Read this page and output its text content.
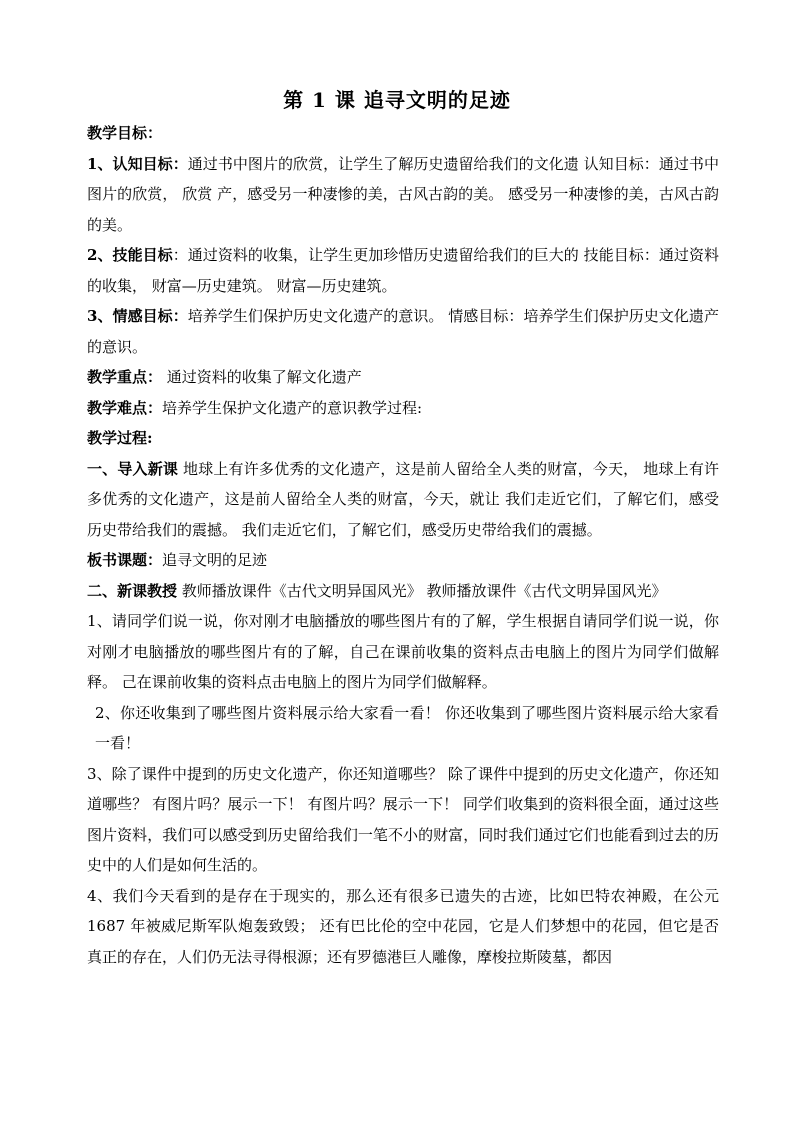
第 1 课 追寻文明的足迹

教学目标：

1、认知目标：通过书中图片的欣赏，让学生了解历史遗留给我们的文化遗 认知目标：通过书中图片的欣赏， 欣赏 产，感受另一种凄惨的美，古风古韵的美。 感受另一种凄惨的美，古风古韵的美。

2、技能目标：通过资料的收集，让学生更加珍惜历史遗留给我们的巨大的 技能目标：通过资料的收集， 财富—历史建筑。 财富—历史建筑。

3、情感目标：培养学生们保护历史文化遗产的意识。 情感目标：培养学生们保护历史文化遗产的意识。

教学重点： 通过资料的收集了解文化遗产

教学难点：培养学生保护文化遗产的意识教学过程:

教学过程:

一、导入新课 地球上有许多优秀的文化遗产，这是前人留给全人类的财富，今天， 地球上有许多优秀的文化遗产，这是前人留给全人类的财富，今天，就让 我们走近它们，了解它们，感受历史带给我们的震撼。 我们走近它们，了解它们，感受历史带给我们的震撼。

板书课题：追寻文明的足迹

二、新课教授 教师播放课件《古代文明异国风光》 教师播放课件《古代文明异国风光》

1、请同学们说一说，你对刚才电脑播放的哪些图片有的了解，学生根据自请同学们说一说，你对刚才电脑播放的哪些图片有的了解，自己在课前收集的资料点击电脑上的图片为同学们做解释。 己在课前收集的资料点击电脑上的图片为同学们做解释。

2、你还收集到了哪些图片资料展示给大家看一看！ 你还收集到了哪些图片资料展示给大家看一看！

3、除了课件中提到的历史文化遗产，你还知道哪些？ 除了课件中提到的历史文化遗产，你还知道哪些？ 有图片吗？展示一下！ 有图片吗？展示一下！ 同学们收集到的资料很全面，通过这些图片资料，我们可以感受到历史留给我们一笔不小的财富，同时我们通过它们也能看到过去的历史中的人们是如何生活的。

4、我们今天看到的是存在于现实的，那么还有很多已遗失的古迹，比如巴特农神殿，在公元 1687 年被威尼斯军队炮轰致毁； 还有巴比伦的空中花园，它是人们梦想中的花园，但它是否真正的存在，人们仍无法寻得根源；还有罗德港巨人雕像，摩梭拉斯陵墓，都因
